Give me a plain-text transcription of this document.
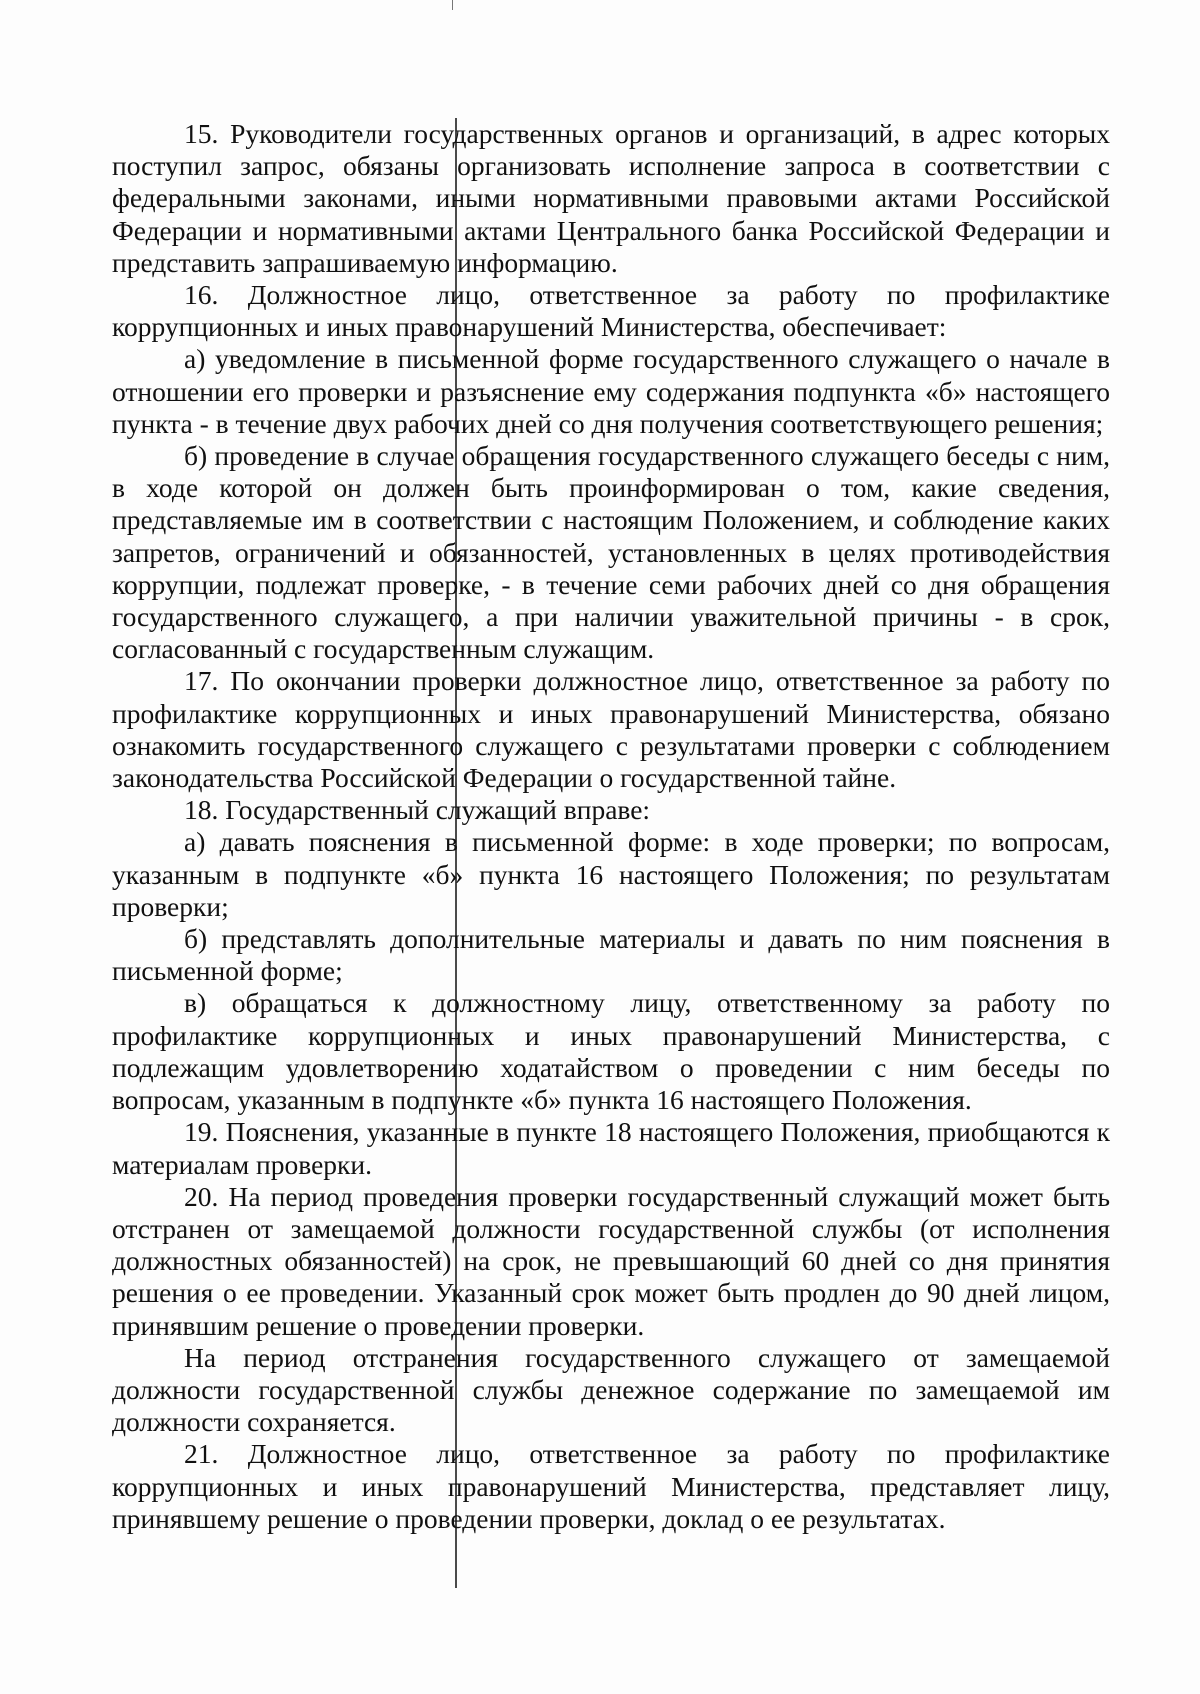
15. Руководители государственных органов и организаций, в адрес которых поступил запрос, обязаны организовать исполнение запроса в соответствии с федеральными законами, иными нормативными правовыми актами Российской Федерации и нормативными актами Центрального банка Российской Федерации и представить запрашиваемую информацию.

16. Должностное лицо, ответственное за работу по профилактике коррупционных и иных правонарушений Министерства, обеспечивает:

а) уведомление в письменной форме государственного служащего о начале в отношении его проверки и разъяснение ему содержания подпункта «б» настоящего пункта - в течение двух рабочих дней со дня получения соответствующего решения;

б) проведение в случае обращения государственного служащего беседы с ним, в ходе которой он должен быть проинформирован о том, какие сведения, представляемые им в соответствии с настоящим Положением, и соблюдение каких запретов, ограничений и обязанностей, установленных в целях противодействия коррупции, подлежат проверке, - в течение семи рабочих дней со дня обращения государственного служащего, а при наличии уважительной причины - в срок, согласованный с государственным служащим.

17. По окончании проверки должностное лицо, ответственное за работу по профилактике коррупционных и иных правонарушений Министерства, обязано ознакомить государственного служащего с результатами проверки с соблюдением законодательства Российской Федерации о государственной тайне.

18. Государственный служащий вправе:

а) давать пояснения в письменной форме: в ходе проверки; по вопросам, указанным в подпункте «б» пункта 16 настоящего Положения; по результатам проверки;

б) представлять дополнительные материалы и давать по ним пояснения в письменной форме;

в) обращаться к должностному лицу, ответственному за работу по профилактике коррупционных и иных правонарушений Министерства, с подлежащим удовлетворению ходатайством о проведении с ним беседы по вопросам, указанным в подпункте «б» пункта 16 настоящего Положения.

19. Пояснения, указанные в пункте 18 настоящего Положения, приобщаются к материалам проверки.

20. На период проведения проверки государственный служащий может быть отстранен от замещаемой должности государственной службы (от исполнения должностных обязанностей) на срок, не превышающий 60 дней со дня принятия решения о ее проведении. Указанный срок может быть продлен до 90 дней лицом, принявшим решение о проведении проверки.

На период отстранения государственного служащего от замещаемой должности государственной службы денежное содержание по замещаемой им должности сохраняется.

21. Должностное лицо, ответственное за работу по профилактике коррупционных и иных правонарушений Министерства, представляет лицу, принявшему решение о проведении проверки, доклад о ее результатах.
